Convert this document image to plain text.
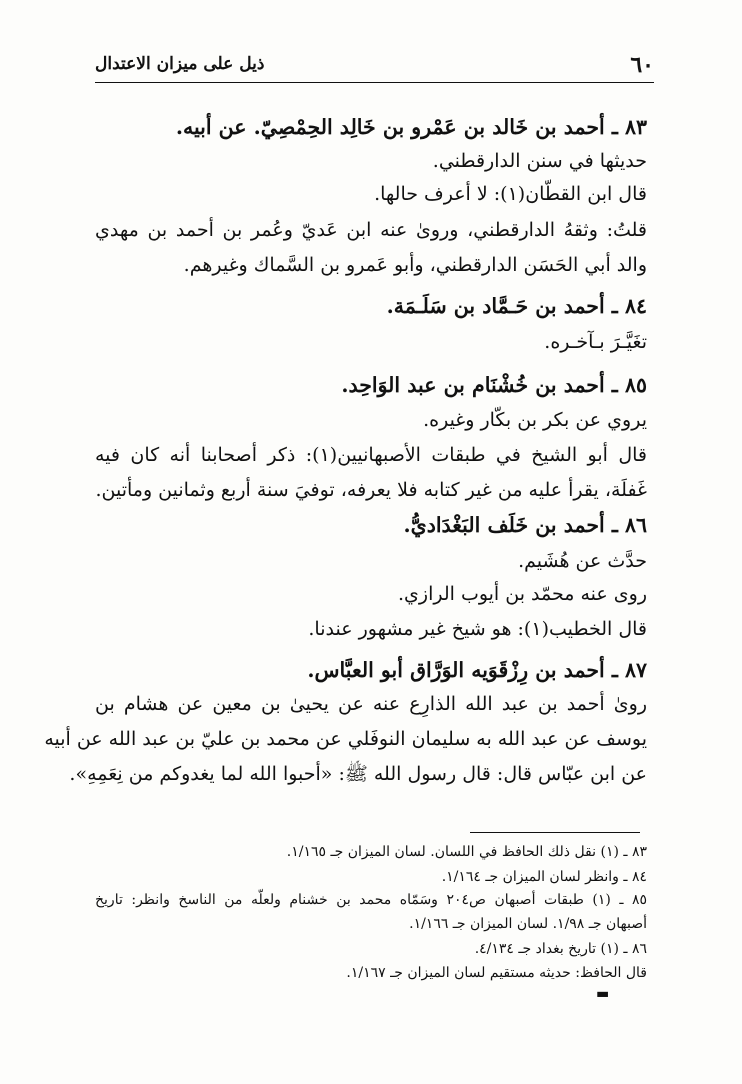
٦٠
ذيل على ميزان الاعتدال
٨٣ ـ أحمد بن خَالد بن عَمْرو بن خَالِد الحِمْصِيّ. عن أبيه.
حديثها في سنن الدارقطني.
قال ابن القطّان(١): لا أعرف حالها.
قلتُ: وثقهُ الدارقطني، وروىٰ عنه ابن عَديّ وعُمر بن أحمد بن مهدي
والد أبي الحَسَن الدارقطني، وأبو عَمرو بن السَّماك وغيرهم.
٨٤ ـ أحمد بن حَـمَّاد بن سَلَـمَة.
تغَيَّـرَ بـآخـره.
٨٥ ـ أحمد بن خُشْنَام بن عبد الوَاحِد.
يروي عن بكر بن بكّار وغيره.
قال أبو الشيخ في طبقات الأصبهانيين(١): ذكر أصحابنا أنه كان فيه
غَفلَة، يقرأ عليه من غير كتابه فلا يعرفه، توفيَ سنة أربع وثمانين ومأتين.
٨٦ ـ أحمد بن خَلَف البَغْدَاديُّ.
حدَّث عن هُشَيم.
روى عنه محمّد بن أيوب الرازي.
قال الخطيب(١): هو شيخ غير مشهور عندنا.
٨٧ ـ أحمد بن رِزْقَوَيه الوَرَّاق أبو العبَّاس.
روىٰ أحمد بن عبد الله الذارِع عنه عن يحيىٰ بن معين عن هشام بن
يوسف عن عبد الله به سليمان النوفَلي عن محمد بن عليّ بن عبد الله عن أبيه
عن ابن عبّاس قال: قال رسول الله ﷺ: «أحبوا الله لما يغدوكم من نِعَمِهِ».
٨٣ ـ (١) نقل ذلك الحافظ في اللسان. لسان الميزان جـ ١/١٦٥.
٨٤ ـ وانظر لسان الميزان جـ ١/١٦٤.
٨٥ ـ (١) طبقات أصبهان ص٢٠٤ وسَمّاه محمد بن خشنام ولعلّه من الناسخ وانظر: تاريخ
أصبهان جـ ١/٩٨. لسان الميزان جـ ١/١٦٦.
٨٦ ـ (١) تاريخ بغداد جـ ٤/١٣٤.
قال الحافظ: حديثه مستقيم لسان الميزان جـ ١/١٦٧.
▬
